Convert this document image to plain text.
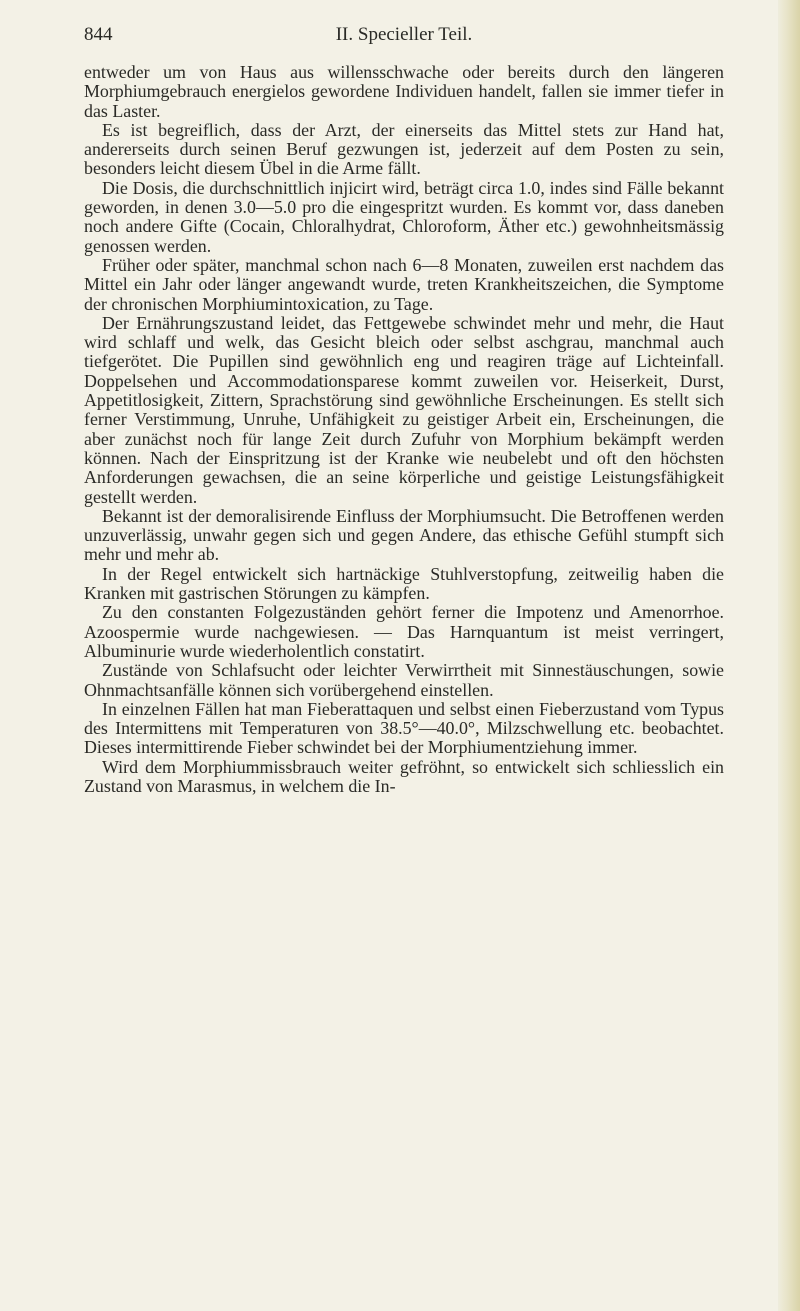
844	II. Specieller Teil.

entweder um von Haus aus willensschwache oder bereits durch den längeren Morphiumgebrauch energielos gewordene Individuen handelt, fallen sie immer tiefer in das Laster.

Es ist begreiflich, dass der Arzt, der einerseits das Mittel stets zur Hand hat, andererseits durch seinen Beruf gezwungen ist, jederzeit auf dem Posten zu sein, besonders leicht diesem Übel in die Arme fällt.

Die Dosis, die durchschnittlich injicirt wird, beträgt circa 1.0, indes sind Fälle bekannt geworden, in denen 3.0—5.0 pro die eingespritzt wurden. Es kommt vor, dass daneben noch andere Gifte (Cocain, Chloralhydrat, Chloroform, Äther etc.) gewohnheitsmässig genossen werden.

Früher oder später, manchmal schon nach 6—8 Monaten, zuweilen erst nachdem das Mittel ein Jahr oder länger angewandt wurde, treten Krankheitszeichen, die Symptome der chronischen Morphiumintoxication, zu Tage.

Der Ernährungszustand leidet, das Fettgewebe schwindet mehr und mehr, die Haut wird schlaff und welk, das Gesicht bleich oder selbst aschgrau, manchmal auch tiefgerötet. Die Pupillen sind gewöhnlich eng und reagiren träge auf Lichteinfall. Doppelsehen und Accommodationsparese kommt zuweilen vor. Heiserkeit, Durst, Appetitlosigkeit, Zittern, Sprachstörung sind gewöhnliche Erscheinungen. Es stellt sich ferner Verstimmung, Unruhe, Unfähigkeit zu geistiger Arbeit ein, Erscheinungen, die aber zunächst noch für lange Zeit durch Zufuhr von Morphium bekämpft werden können. Nach der Einspritzung ist der Kranke wie neubelebt und oft den höchsten Anforderungen gewachsen, die an seine körperliche und geistige Leistungsfähigkeit gestellt werden.

Bekannt ist der demoralisirende Einfluss der Morphiumsucht. Die Betroffenen werden unzuverlässig, unwahr gegen sich und gegen Andere, das ethische Gefühl stumpft sich mehr und mehr ab.

In der Regel entwickelt sich hartnäckige Stuhlverstopfung, zeitweilig haben die Kranken mit gastrischen Störungen zu kämpfen.

Zu den constanten Folgezuständen gehört ferner die Impotenz und Amenorrhoe. Azoospermie wurde nachgewiesen. — Das Harnquantum ist meist verringert, Albuminurie wurde wiederholentlich constatirt.

Zustände von Schlafsucht oder leichter Verwirrtheit mit Sinnestäuschungen, sowie Ohnmachtsanfälle können sich vorübergehend einstellen.

In einzelnen Fällen hat man Fieberattaquen und selbst einen Fieberzustand vom Typus des Intermittens mit Temperaturen von 38.5°—40.0°, Milzschwellung etc. beobachtet. Dieses intermittirende Fieber schwindet bei der Morphiumentziehung immer.

Wird dem Morphiummissbrauch weiter gefröhnt, so entwickelt sich schliesslich ein Zustand von Marasmus, in welchem die In-
